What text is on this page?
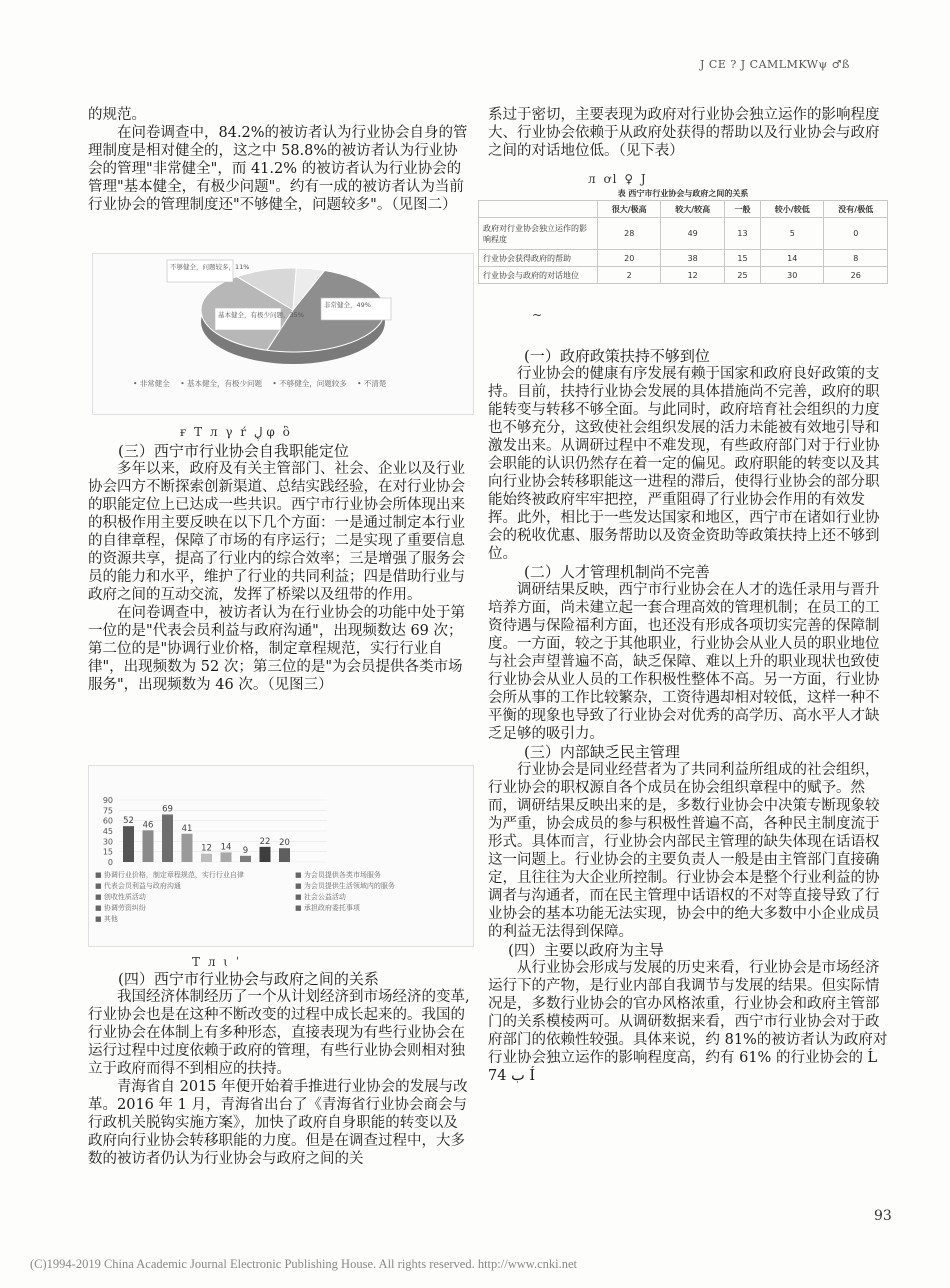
J CE ? J CAMLMKWψ ♂ß

的规范。

在问卷调查中，84.2%的被访者认为行业协会自身的管理制度是相对健全的，这之中 58.8%的被访者认为行业协会的管理"非常健全"，而 41.2% 的被访者认为行业协会的管理"基本健全，有极少问题"。约有一成的被访者认为当前行业协会的管理制度还"不够健全，问题较多"。（见图二）

非常健全，49%
基本健全，有极少问题，35%
不够健全，问题较多，11%
• 非常健全 • 基本健全，有极少问题 • 不够健全，问题较多 • 不清楚
ғ T л γ ŕ ڸ φ ὃ

(三）西宁市行业协会自我职能定位

多年以来，政府及有关主管部门、社会、企业以及行业协会四方不断探索创新渠道、总结实践经验，在对行业协会的职能定位上已达成一些共识。西宁市行业协会所体现出来的积极作用主要反映在以下几个方面：一是通过制定本行业的自律章程，保障了市场的有序运行；二是实现了重要信息的资源共享，提高了行业内的综合效率；三是增强了服务会员的能力和水平，维护了行业的共同利益；四是借助行业与政府之间的互动交流，发挥了桥梁以及纽带的作用。

在问卷调查中，被访者认为在行业协会的功能中处于第一位的是"代表会员利益与政府沟通"，出现频数达 69 次；第二位的是"协调行业价格，制定章程规范，实行行业自律"，出现频数为 52 次；第三位的是"为会员提供各类市场服务"，出现频数为 46 次。（见图三）

0
15
30
45
60
75
90
52 46
69
41
12 14 9
22 20
■ 协调行业价格，制定章程规范，实行行业自律	■ 为会员提供各类市场服务
■ 代表会员利益与政府沟通	■ 为会员提供生活领域内的服务
■ 创收性质活动	■ 社会公益活动
■ 协调劳资纠纷	■ 承担政府委托事项
■ 其他
T л ɩ ˈ

(四）西宁市行业协会与政府之间的关系

我国经济体制经历了一个从计划经济到市场经济的变革,行业协会也是在这种不断改变的过程中成长起来的。我国的行业协会在体制上有多种形态，直接表现为有些行业协会在运行过程中过度依赖于政府的管理，有些行业协会则相对独立于政府而得不到相应的扶持。

青海省自 2015 年便开始着手推进行业协会的发展与改革。2016 年 1 月，青海省出台了《青海省行业协会商会与行政机关脱钩实施方案》，加快了政府自身职能的转变以及政府向行业协会转移职能的力度。但是在调查过程中，大多数的被访者仍认为行业协会与政府之间的关

系过于密切，主要表现为政府对行业协会独立运作的影响程度大、行业协会依赖于从政府处获得的帮助以及行业协会与政府之间的对话地位低。（见下表）

л ơl ♀ J
表 西宁市行业协会与政府之间的关系					
	很大/极高	较大/较高	一般	较小/较低	没有/极低
政府对行业协会独立运作的影响程度	28	49	13	5	0
行业协会获得政府的帮助	20	38	15	14	8
行业协会与政府的对话地位	2	12	25	30	26
~

(一）政府政策扶持不够到位

行业协会的健康有序发展有赖于国家和政府良好政策的支持。目前，扶持行业协会发展的具体措施尚不完善，政府的职能转变与转移不够全面。与此同时，政府培育社会组织的力度也不够充分，这致使社会组织发展的活力未能被有效地引导和激发出来。从调研过程中不难发现，有些政府部门对于行业协会职能的认识仍然存在着一定的偏见。政府职能的转变以及其向行业协会转移职能这一进程的滞后，使得行业协会的部分职能始终被政府牢牢把控，严重阻碍了行业协会作用的有效发挥。此外，相比于一些发达国家和地区，西宁市在诸如行业协会的税收优惠、服务帮助以及资金资助等政策扶持上还不够到位。

(二）人才管理机制尚不完善

调研结果反映，西宁市行业协会在人才的选任录用与晋升培养方面，尚未建立起一套合理高效的管理机制；在员工的工资待遇与保险福利方面，也还没有形成各项切实完善的保障制度。一方面，较之于其他职业，行业协会从业人员的职业地位与社会声望普遍不高，缺乏保障、难以上升的职业现状也致使行业协会从业人员的工作积极性整体不高。另一方面，行业协会所从事的工作比较繁杂，工资待遇却相对较低，这样一种不平衡的现象也导致了行业协会对优秀的高学历、高水平人才缺乏足够的吸引力。

(三）内部缺乏民主管理

行业协会是同业经营者为了共同利益所组成的社会组织，行业协会的职权源自各个成员在协会组织章程中的赋予。然而，调研结果反映出来的是，多数行业协会中决策专断现象较为严重，协会成员的参与积极性普遍不高，各种民主制度流于形式。具体而言，行业协会内部民主管理的缺失体现在话语权这一问题上。行业协会的主要负责人一般是由主管部门直接确定，且往往为大企业所控制。行业协会本是整个行业利益的协调者与沟通者，而在民主管理中话语权的不对等直接导致了行业协会的基本功能无法实现，协会中的绝大多数中小企业成员的利益无法得到保障。

(四）主要以政府为主导

从行业协会形成与发展的历史来看，行业协会是市场经济运行下的产物，是行业内部自我调节与发展的结果。但实际情况是，多数行业协会的官办风格浓重，行业协会和政府主管部门的关系模棱两可。从调研数据来看，西宁市行业协会对于政府部门的依赖性较强。具体来说，约 81%的被访者认为政府对行业协会独立运作的影响程度高，约有 61% 的行业协会的 Ĺ 74 ب Í

93
(C)1994-2019 China Academic Journal Electronic Publishing House. All rights reserved. http://www.cnki.net
